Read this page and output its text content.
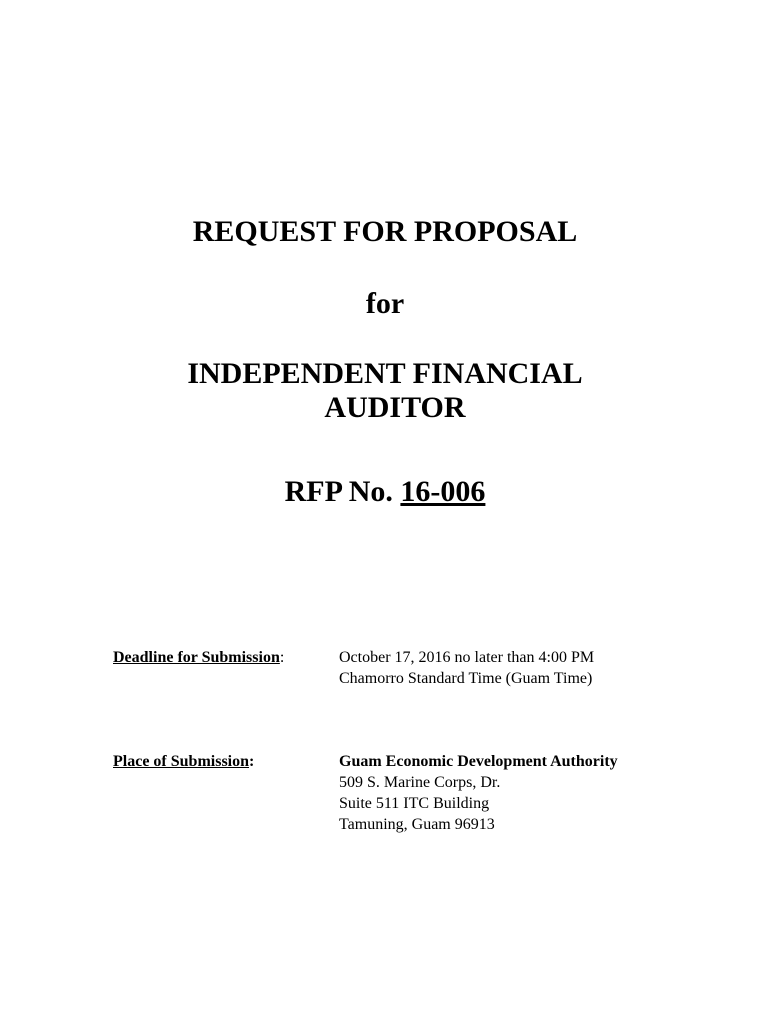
REQUEST FOR PROPOSAL
for
INDEPENDENT FINANCIAL
AUDITOR
RFP No. 16-006
Deadline for Submission:	October 17, 2016 no later than 4:00 PM
Chamorro Standard Time (Guam Time)
Place of Submission:	Guam Economic Development Authority
509 S. Marine Corps, Dr.
Suite 511 ITC Building
Tamuning, Guam 96913
